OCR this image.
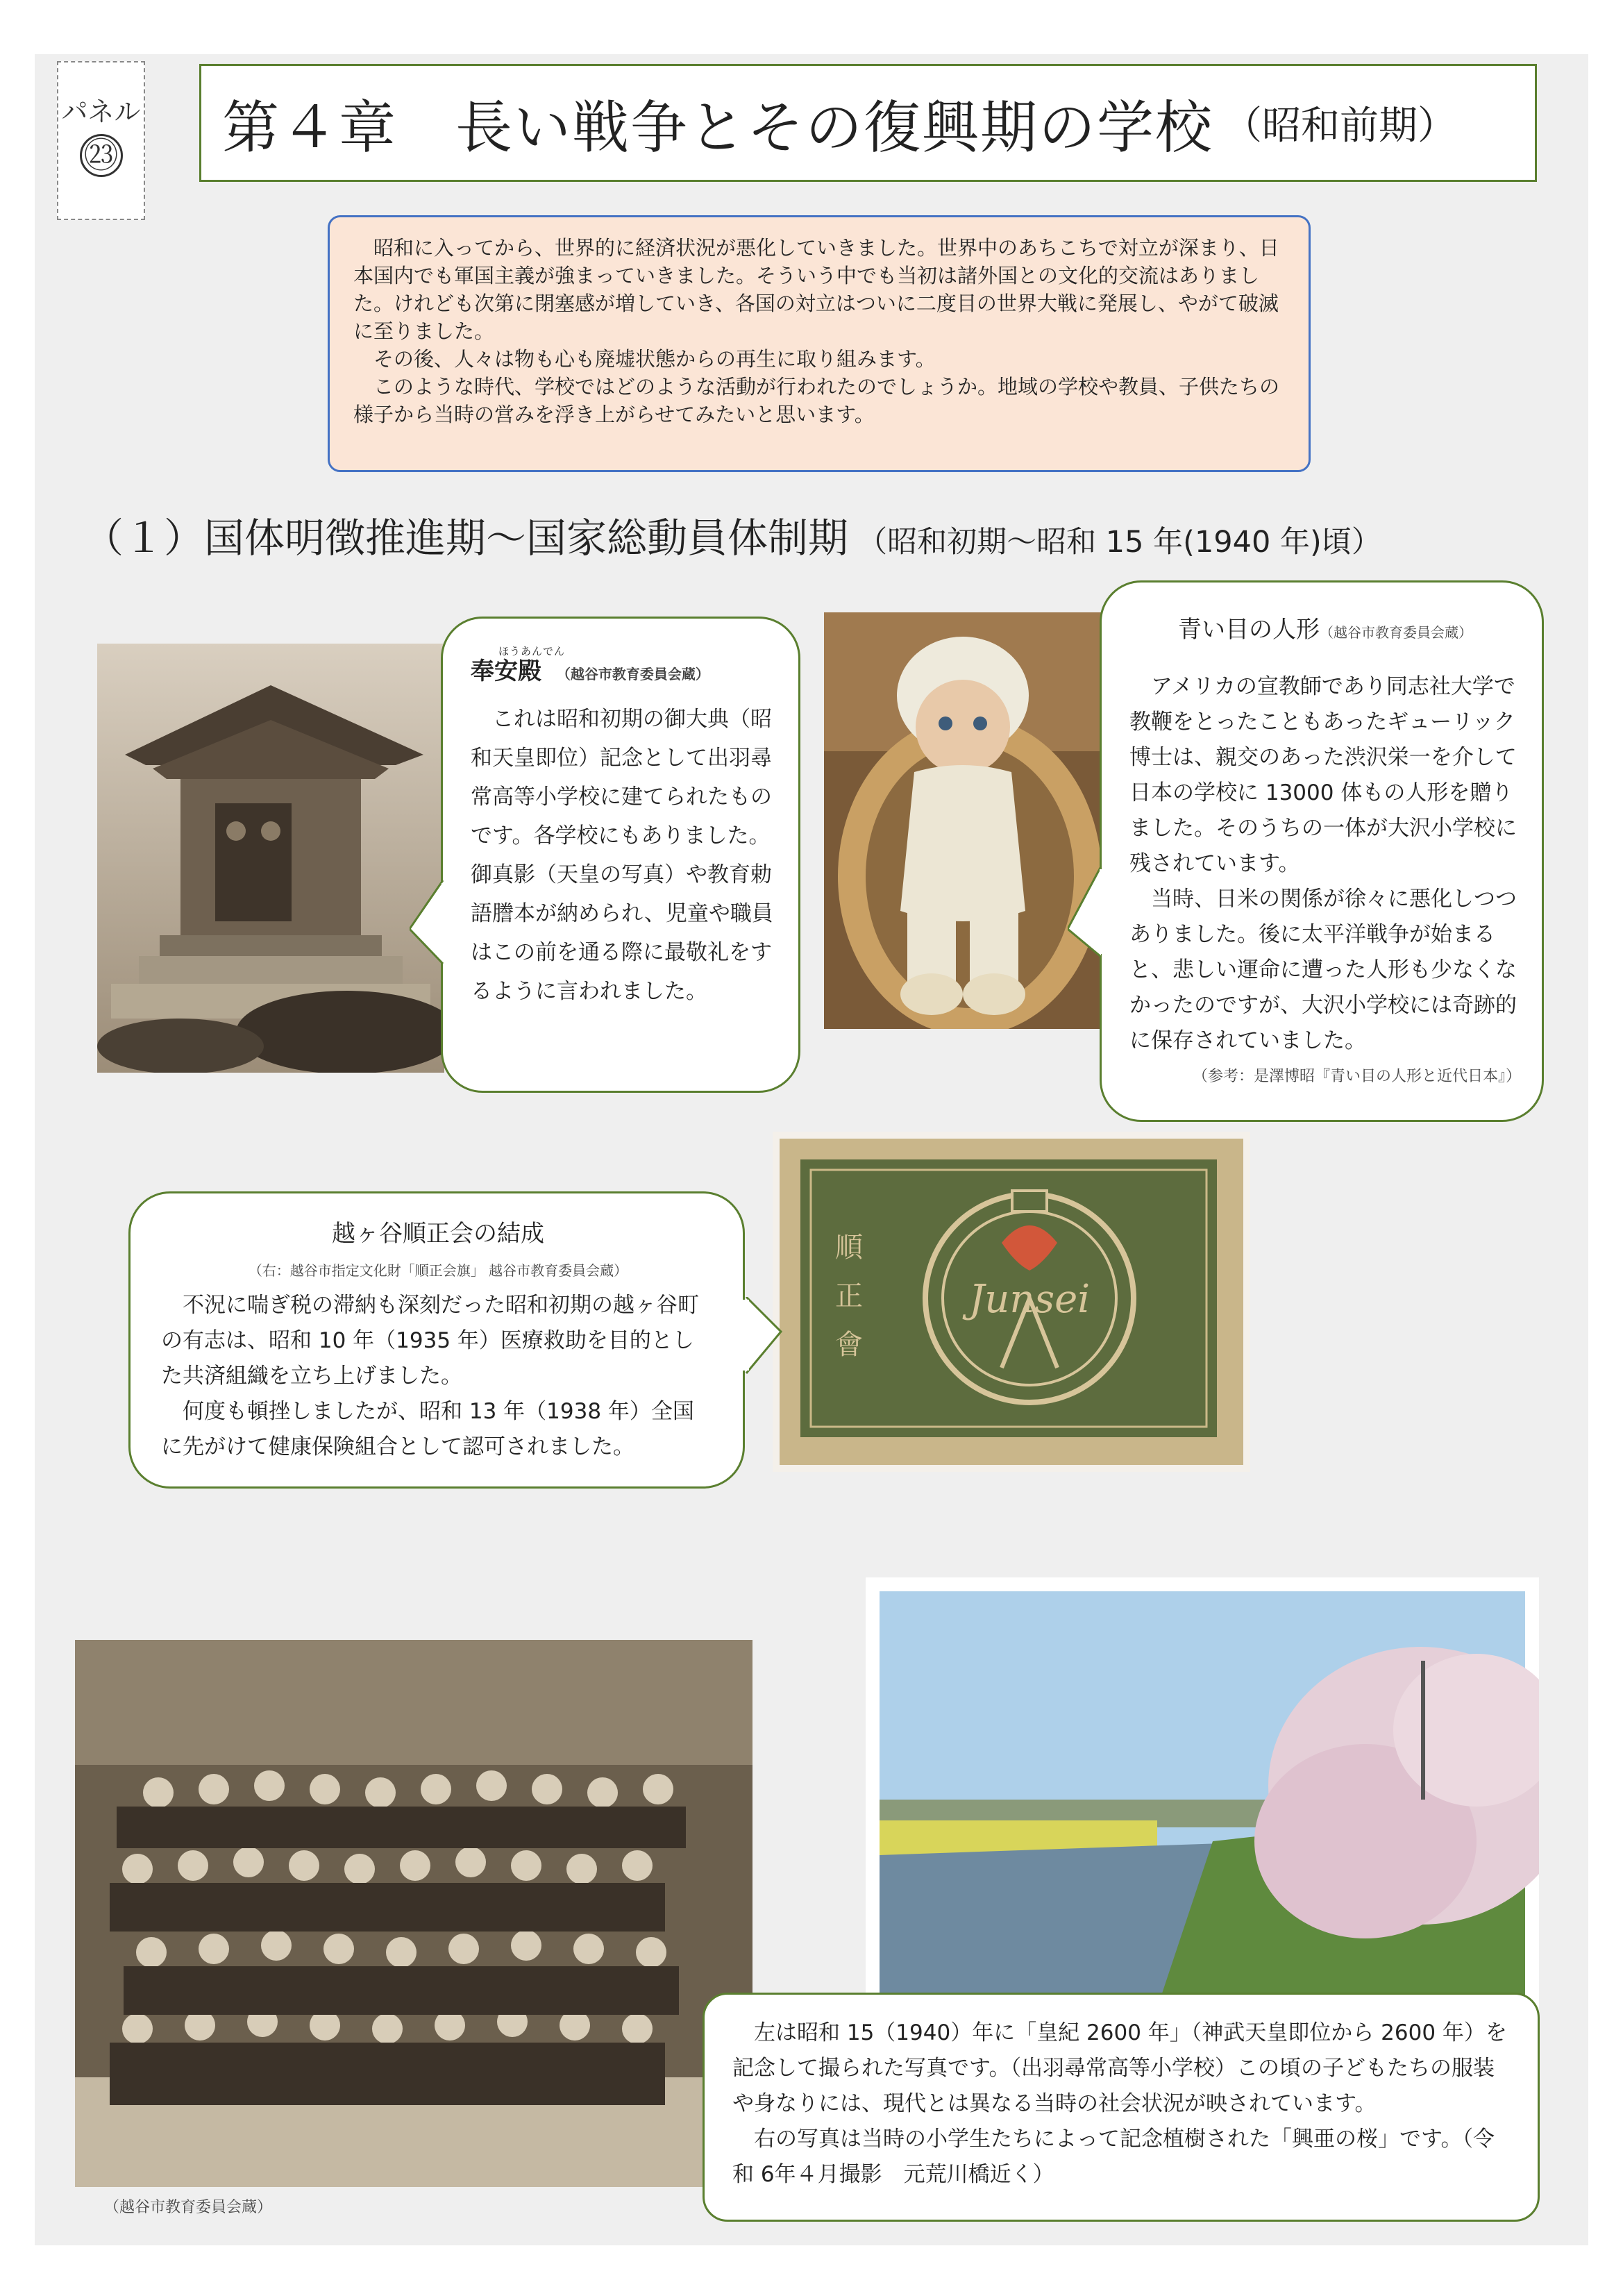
パネル
㉓	第４章　長い戦争とその復興期の学校 （昭和前期）

昭和に入ってから、世界的に経済状況が悪化していきました。世界中のあちこちで対立が深まり、日本国内でも軍国主義が強まっていきました。そういう中でも当初は諸外国との文化的交流はありました。けれども次第に閉塞感が増していき、各国の対立はついに二度目の世界大戦に発展し、やがて破滅に至りました。

その後、人々は物も心も廃墟状態からの再生に取り組みます。

このような時代、学校ではどのような活動が行われたのでしょうか。地域の学校や教員、子供たちの様子から当時の営みを浮き上がらせてみたいと思います。

（１）国体明徴推進期～国家総動員体制期 （昭和初期～昭和 15 年(1940 年)頃）
ほうあんでん
奉安殿 （越谷市教育委員会蔵）
これは昭和初期の御大典（昭和天皇即位）記念として出羽尋常高等小学校に建てられたものです。各学校にもありました。御真影（天皇の写真）や教育勅語謄本が納められ、児童や職員はこの前を通る際に最敬礼をするように言われました。
青い目の人形（越谷市教育委員会蔵）

アメリカの宣教師であり同志社大学で教鞭をとったこともあったギューリック博士は、親交のあった渋沢栄一を介して日本の学校に 13000 体もの人形を贈りました。そのうちの一体が大沢小学校に残されています。

当時、日米の関係が徐々に悪化しつつありました。後に太平洋戦争が始まると、悲しい運命に遭った人形も少なくなかったのですが、大沢小学校には奇跡的に保存されていました。

（参考：是澤博昭『青い目の人形と近代日本』）
Junsei
順
正
會
越ヶ谷順正会の結成
（右：越谷市指定文化財「順正会旗」 越谷市教育委員会蔵）

不況に喘ぎ税の滞納も深刻だった昭和初期の越ヶ谷町の有志は、昭和 10 年（1935 年）医療救助を目的とした共済組織を立ち上げました。

何度も頓挫しましたが、昭和 13 年（1938 年）全国に先がけて健康保険組合として認可されました。

（越谷市教育委員会蔵）

左は昭和 15（1940）年に「皇紀 2600 年」（神武天皇即位から 2600 年）を記念して撮られた写真です。（出羽尋常高等小学校）この頃の子どもたちの服装や身なりには、現代とは異なる当時の社会状況が映されています。

右の写真は当時の小学生たちによって記念植樹された「興亜の桜」です。（令和 6年４月撮影　元荒川橋近く）
